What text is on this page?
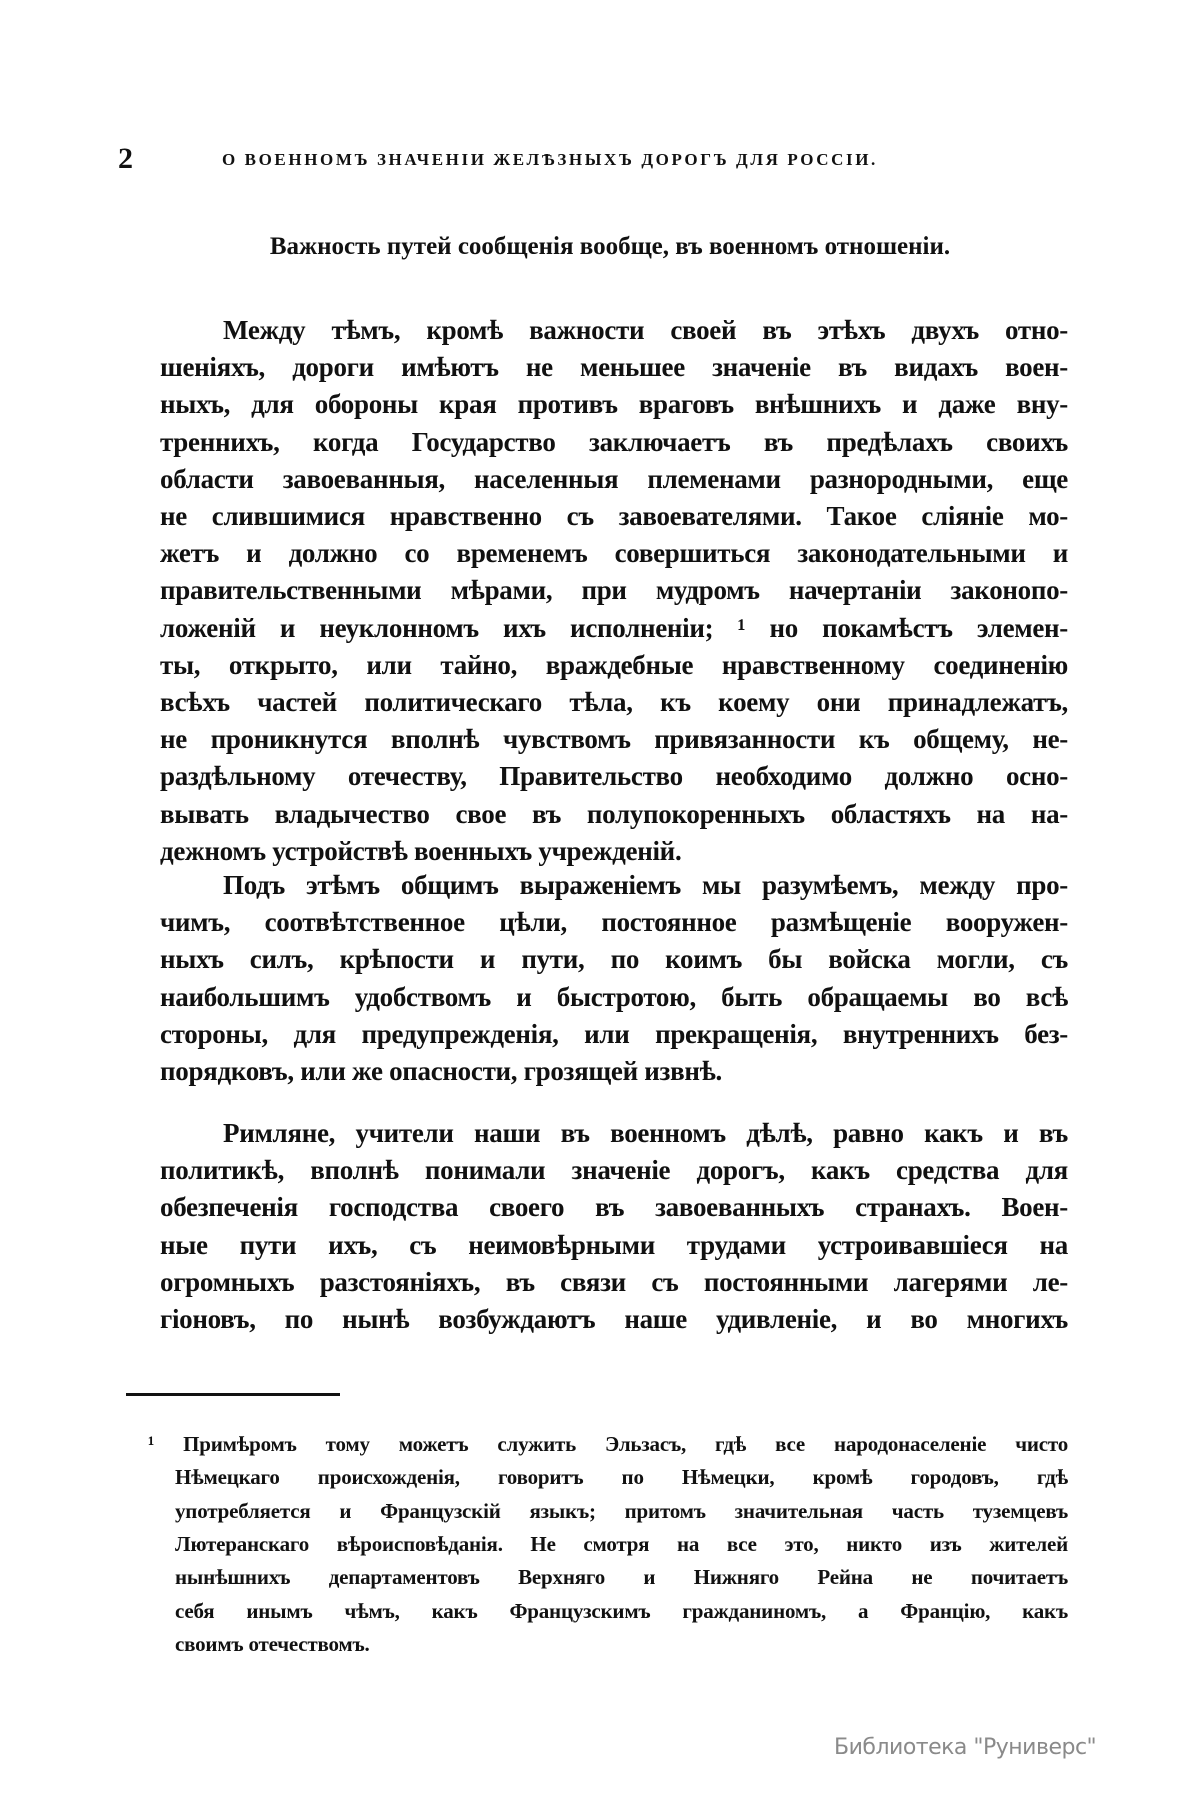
2	О ВОЕННОМЪ ЗНАЧЕНІИ ЖЕЛѢЗНЫХЪ ДОРОГЪ ДЛЯ РОССІИ.
Важность путей сообщенія вообще, въ военномъ отношеніи.
Между тѣмъ, кромѣ важности своей въ этѣхъ двухъ отно-
шеніяхъ, дороги имѣютъ не меньшее значеніе въ видахъ воен-
ныхъ, для обороны края противъ враговъ внѣшнихъ и даже вну-
треннихъ, когда Государство заключаетъ въ предѣлахъ своихъ
области завоеванныя, населенныя племенами разнородными, еще
не слившимися нравственно съ завоевателями. Такое сліяніе мо-
жетъ и должно со временемъ совершиться законодательными и
правительственными мѣрами, при мудромъ начертаніи законопо-
ложеній и неуклонномъ ихъ исполненіи; ¹ но покамѣстъ элемен-
ты, открыто, или тайно, враждебные нравственному соединенію
всѣхъ частей политическаго тѣла, къ коему они принадлежатъ,
не проникнутся вполнѣ чувствомъ привязанности къ общему, не-
раздѣльному отечеству, Правительство необходимо должно осно-
вывать владычество свое въ полупокоренныхъ областяхъ на на-
дежномъ устройствѣ военныхъ учрежденій.
Подъ этѣмъ общимъ выраженіемъ мы разумѣемъ, между про-
чимъ, соотвѣтственное цѣли, постоянное размѣщеніе вооружен-
ныхъ силъ, крѣпости и пути, по коимъ бы войска могли, съ
наибольшимъ удобствомъ и быстротою, быть обращаемы во всѣ
стороны, для предупрежденія, или прекращенія, внутреннихъ без-
порядковъ, или же опасности, грозящей извнѣ.
Римляне, учители наши въ военномъ дѣлѣ, равно какъ и въ
политикѣ, вполнѣ понимали значеніе дорогъ, какъ средства для
обезпеченія господства своего въ завоеванныхъ странахъ. Воен-
ные пути ихъ, съ неимовѣрными трудами устроивавшіеся на
огромныхъ разстояніяхъ, въ связи съ постоянными лагерями ле-
гіоновъ, по нынѣ возбуждаютъ наше удивленіе, и во многихъ
¹ Примѣромъ тому можетъ служить Эльзасъ, гдѣ все народонаселеніе чисто
Нѣмецкаго происхожденія, говоритъ по Нѣмецки, кромѣ городовъ, гдѣ
употребляется и Французскій языкъ; притомъ значительная часть туземцевъ
Лютеранскаго вѣроисповѣданія. Не смотря на все это, никто изъ жителей
нынѣшнихъ департаментовъ Верхняго и Нижняго Рейна не почитаетъ
себя инымъ чѣмъ, какъ Французскимъ гражданиномъ, а Францію, какъ
своимъ отечествомъ.
Библиотека "Руниверс"
